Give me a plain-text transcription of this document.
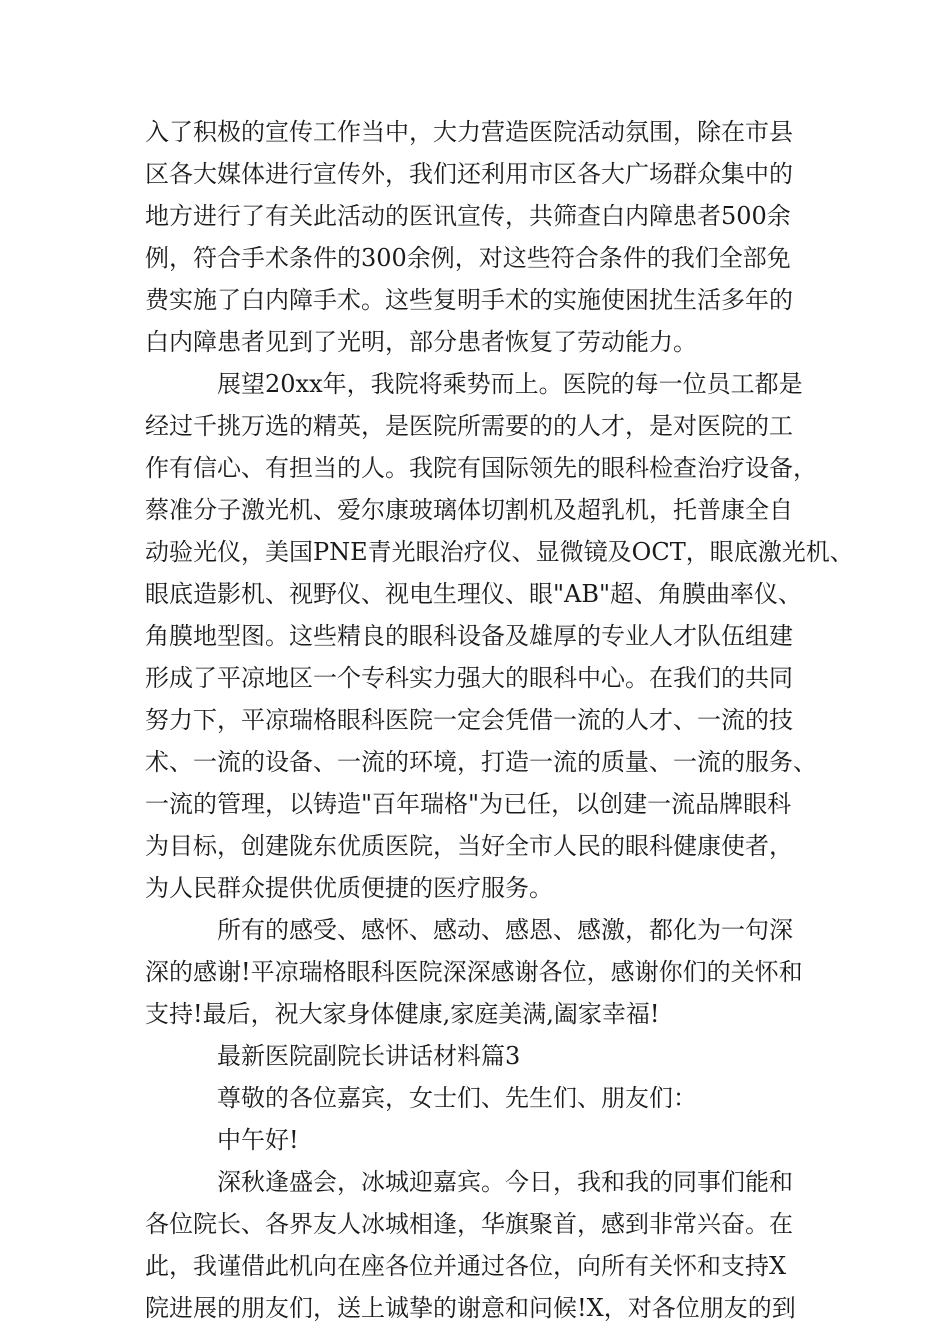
入了积极的宣传工作当中，大力营造医院活动氛围，除在市县
区各大媒体进行宣传外，我们还利用市区各大广场群众集中的
地方进行了有关此活动的医讯宣传，共筛查白内障患者500余
例，符合手术条件的300余例，对这些符合条件的我们全部免
费实施了白内障手术。这些复明手术的实施使困扰生活多年的
白内障患者见到了光明，部分患者恢复了劳动能力。
展望20xx年，我院将乘势而上。医院的每一位员工都是
经过千挑万选的精英，是医院所需要的的人才，是对医院的工
作有信心、有担当的人。我院有国际领先的眼科检查治疗设备，
蔡准分子激光机、爱尔康玻璃体切割机及超乳机，托普康全自
动验光仪，美国PNE青光眼治疗仪、显微镜及OCT，眼底激光机、
眼底造影机、视野仪、视电生理仪、眼"AB"超、角膜曲率仪、
角膜地型图。这些精良的眼科设备及雄厚的专业人才队伍组建
形成了平凉地区一个专科实力强大的眼科中心。在我们的共同
努力下，平凉瑞格眼科医院一定会凭借一流的人才、一流的技
术、一流的设备、一流的环境，打造一流的质量、一流的服务、
一流的管理，以铸造"百年瑞格"为已任，以创建一流品牌眼科
为目标，创建陇东优质医院，当好全市人民的眼科健康使者，
为人民群众提供优质便捷的医疗服务。
所有的感受、感怀、感动、感恩、感激，都化为一句深
深的感谢!平凉瑞格眼科医院深深感谢各位，感谢你们的关怀和
支持!最后，祝大家身体健康,家庭美满,阖家幸福!
最新医院副院长讲话材料篇3
尊敬的各位嘉宾，女士们、先生们、朋友们：
中午好!
深秋逢盛会，冰城迎嘉宾。今日，我和我的同事们能和
各位院长、各界友人冰城相逢，华旗聚首，感到非常兴奋。在
此，我谨借此机向在座各位并通过各位，向所有关怀和支持X
院进展的朋友们，送上诚挚的谢意和问候!X，对各位朋友的到
